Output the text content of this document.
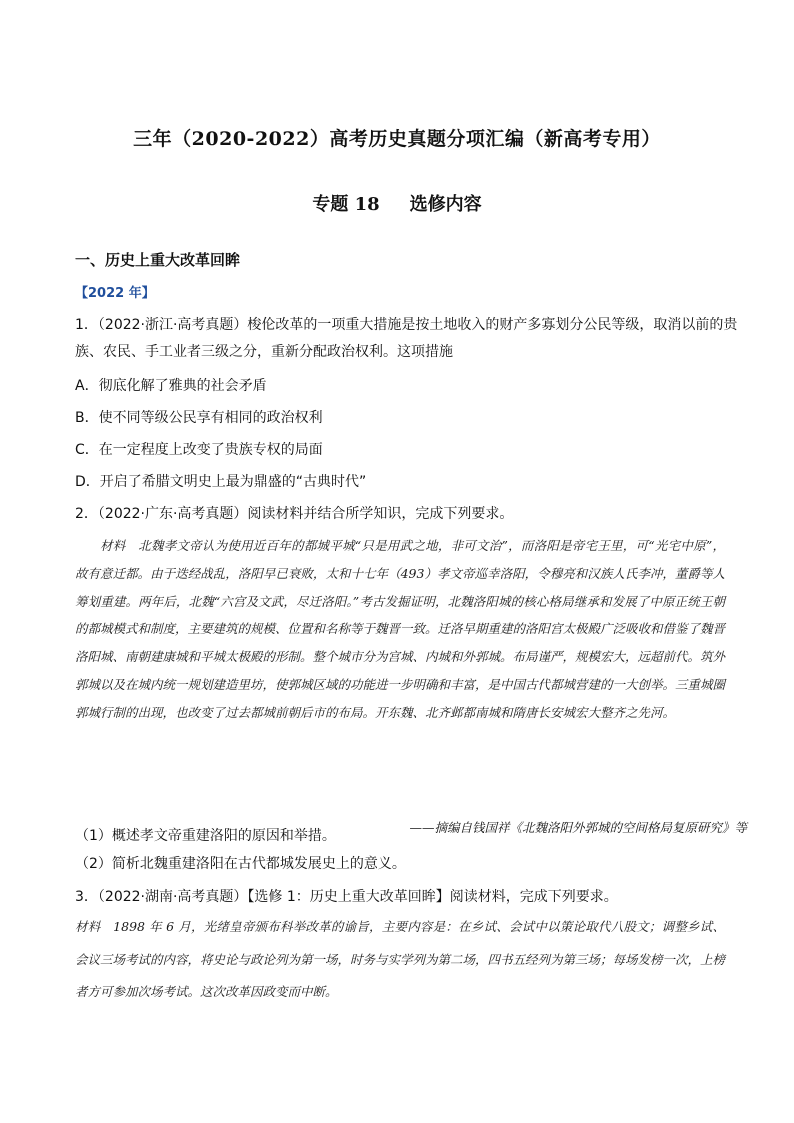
三年（2020-2022）高考历史真题分项汇编（新高考专用）
专题 18 选修内容
一、历史上重大改革回眸
【2022 年】
1．（2022·浙江·高考真题）梭伦改革的一项重大措施是按土地收入的财产多寡划分公民等级，取消以前的贵
族、农民、手工业者三级之分，重新分配政治权利。这项措施
A．彻底化解了雅典的社会矛盾
B．使不同等级公民享有相同的政治权利
C．在一定程度上改变了贵族专权的局面
D．开启了希腊文明史上最为鼎盛的“古典时代”
2．（2022·广东·高考真题）阅读材料并结合所学知识，完成下列要求。
材料　北魏孝文帝认为使用近百年的都城平城“只是用武之地，非可文治”，而洛阳是帝宅王里，可“光宅中原”，故有意迁都。由于迭经战乱，洛阳早已衰败，太和十七年（493）孝文帝巡幸洛阳，令穆亮和汉族人氏李冲，董爵等人筹划重建。两年后，北魏“六宫及文武，尽迁洛阳。”考古发掘证明，北魏洛阳城的核心格局继承和发展了中原正统王朝的都城模式和制度，主要建筑的规模、位置和名称等于魏晋一致。迁洛早期重建的洛阳宫太极殿广泛吸收和借鉴了魏晋洛阳城、南朝建康城和平城太极殿的形制。整个城市分为宫城、内城和外郭城。布局谨严，规模宏大，远超前代。筑外郭城以及在城内统一规划建造里坊，使郭城区域的功能进一步明确和丰富，是中国古代都城营建的一大创举。三重城圈郭城行制的出现，也改变了过去都城前朝后市的布局。开东魏、北齐邺都南城和隋唐长安城宏大整齐之先河。
——摘编自钱国祥《北魏洛阳外郭城的空间格局复原研究》等
（1）概述孝文帝重建洛阳的原因和举措。
（2）简析北魏重建洛阳在古代都城发展史上的意义。
3．（2022·湖南·高考真题）【选修 1：历史上重大改革回眸】阅读材料，完成下列要求。
材料　1898 年 6 月，光绪皇帝颁布科举改革的谕旨，主要内容是：在乡试、会试中以策论取代八股文；调整乡试、会议三场考试的内容，将史论与政论列为第一场，时务与实学列为第二场，四书五经列为第三场；每场发榜一次，上榜者方可参加次场考试。这次改革因政变而中断。
